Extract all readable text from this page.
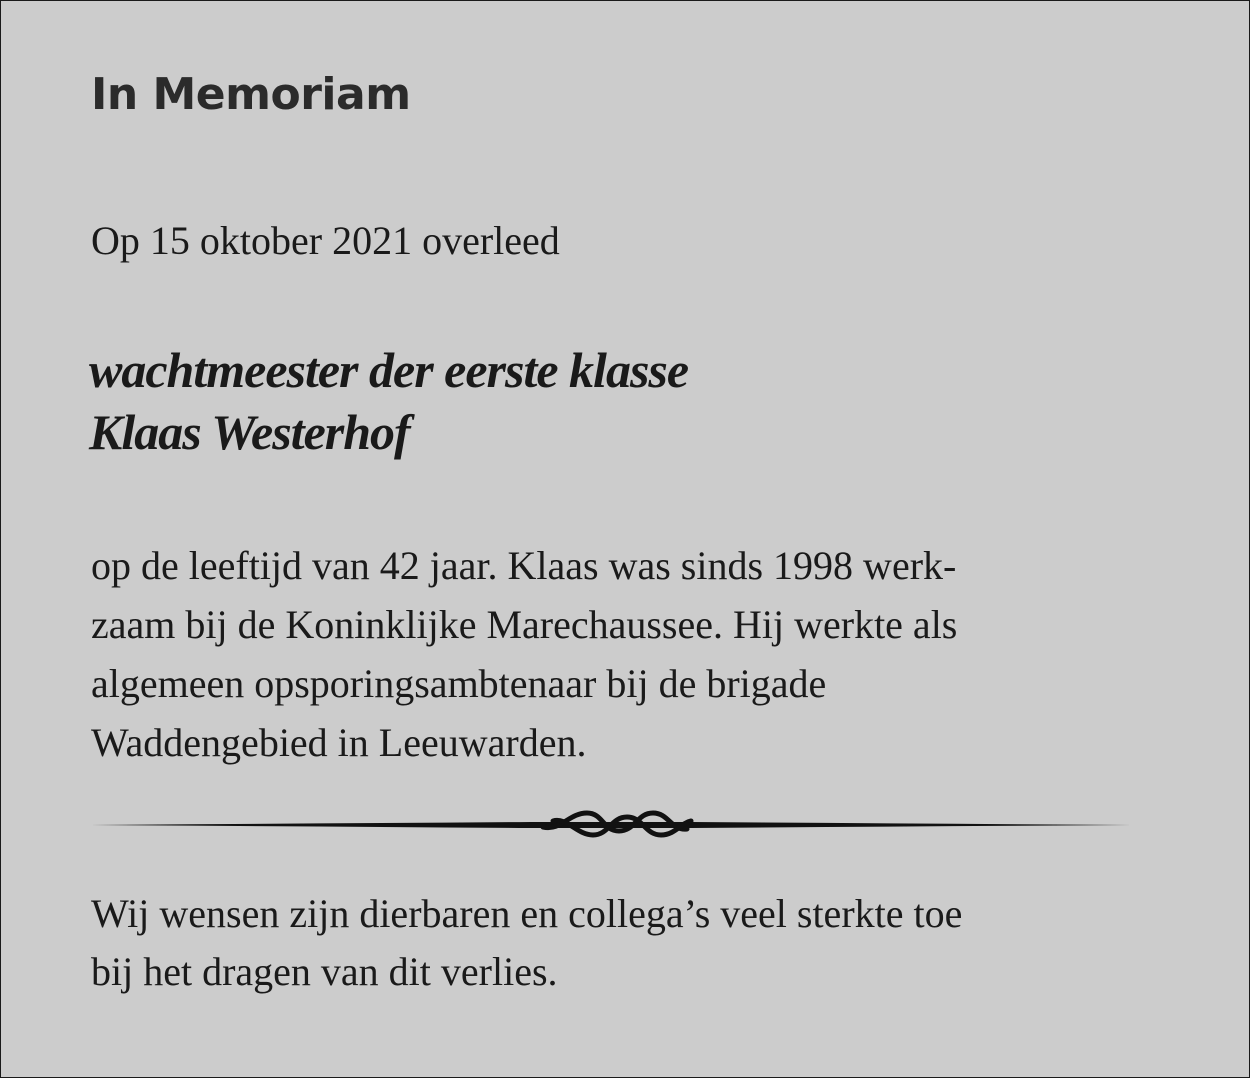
In Memoriam

Op 15 oktober 2021 overleed

wachtmeester der eerste klasse
Klaas Westerhof

op de leeftijd van 42 jaar. Klaas was sinds 1998 werk-
zaam bij de Koninklijke Marechaussee. Hij werkte als
algemeen opsporingsambtenaar bij de brigade
Waddengebied in Leeuwarden.

Wij wensen zijn dierbaren en collega’s veel sterkte toe
bij het dragen van dit verlies.
